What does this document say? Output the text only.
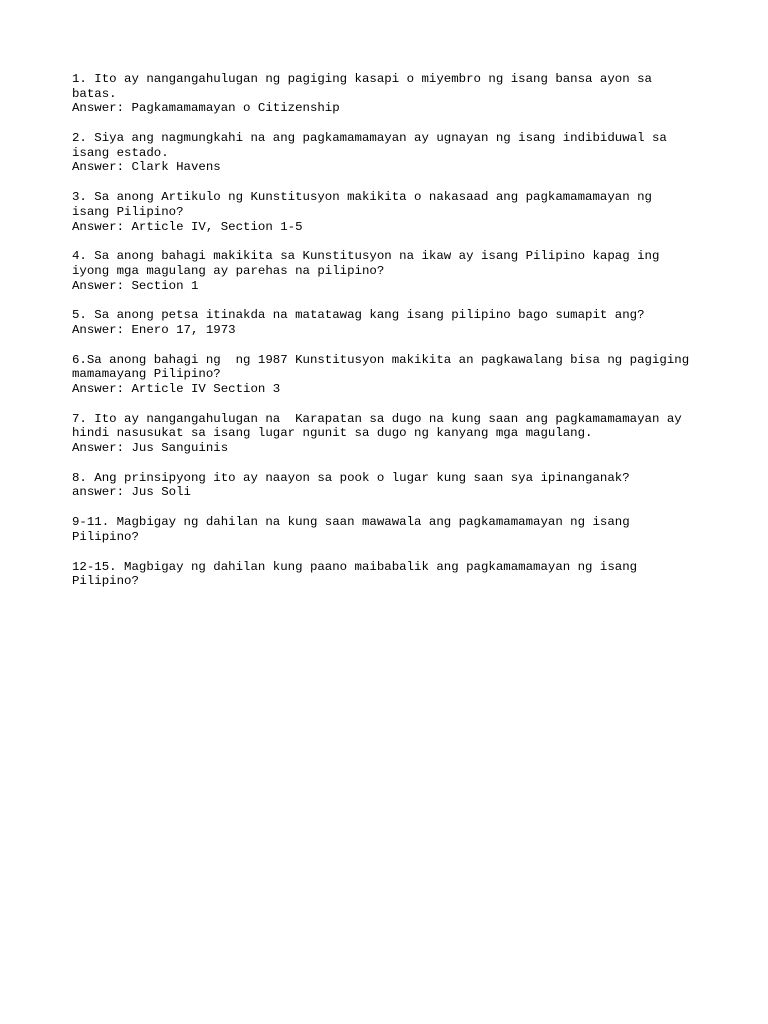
1. Ito ay nangangahulugan ng pagiging kasapi o miyembro ng isang bansa ayon sa
batas.
Answer: Pagkamamamayan o Citizenship
2. Siya ang nagmungkahi na ang pagkamamamayan ay ugnayan ng isang indibiduwal sa
isang estado.
Answer: Clark Havens
3. Sa anong Artikulo ng Kunstitusyon makikita o nakasaad ang pagkamamamayan ng
isang Pilipino?
Answer: Article IV, Section 1-5
4. Sa anong bahagi makikita sa Kunstitusyon na ikaw ay isang Pilipino kapag ing
iyong mga magulang ay parehas na pilipino?
Answer: Section 1
5. Sa anong petsa itinakda na matatawag kang isang pilipino bago sumapit ang?
Answer: Enero 17, 1973
6.Sa anong bahagi ng  ng 1987 Kunstitusyon makikita an pagkawalang bisa ng pagiging
mamamayang Pilipino?
Answer: Article IV Section 3
7. Ito ay nangangahulugan na  Karapatan sa dugo na kung saan ang pagkamamamayan ay
hindi nasusukat sa isang lugar ngunit sa dugo ng kanyang mga magulang.
Answer: Jus Sanguinis
8. Ang prinsipyong ito ay naayon sa pook o lugar kung saan sya ipinanganak?
answer: Jus Soli
9-11. Magbigay ng dahilan na kung saan mawawala ang pagkamamamayan ng isang
Pilipino?
12-15. Magbigay ng dahilan kung paano maibabalik ang pagkamamamayan ng isang
Pilipino?
